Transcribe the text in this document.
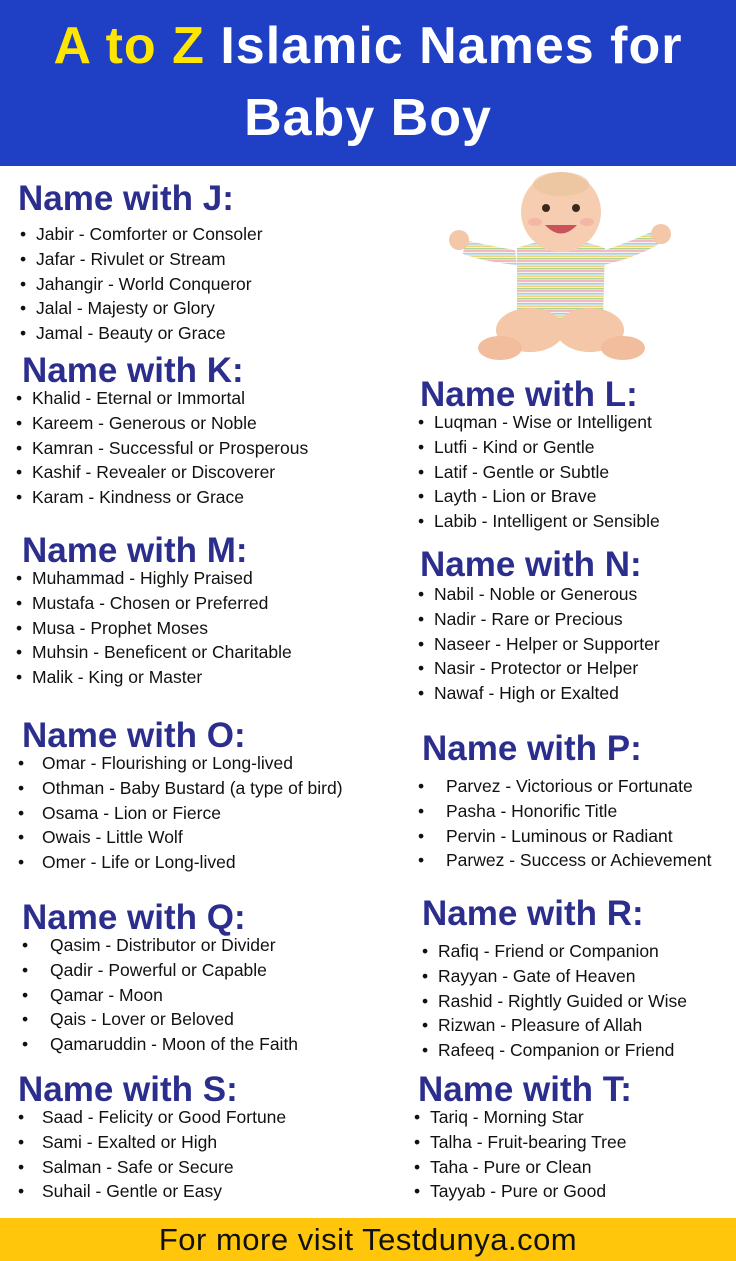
A to Z Islamic Names for
Baby Boy
Name with J:
• Jabir - Comforter or Consoler
• Jafar - Rivulet or Stream
• Jahangir - World Conqueror
• Jalal - Majesty or Glory
• Jamal - Beauty or Grace
Name with K:
• Khalid - Eternal or Immortal
• Kareem - Generous or Noble
• Kamran - Successful or Prosperous
• Kashif - Revealer or Discoverer
• Karam - Kindness or Grace
Name with M:
• Muhammad - Highly Praised
• Mustafa - Chosen or Preferred
• Musa - Prophet Moses
• Muhsin - Beneficent or Charitable
• Malik - King or Master
Name with O:
• Omar - Flourishing or Long-lived
• Othman - Baby Bustard (a type of bird)
• Osama - Lion or Fierce
• Owais - Little Wolf
• Omer - Life or Long-lived
Name with Q:
• Qasim - Distributor or Divider
• Qadir - Powerful or Capable
• Qamar - Moon
• Qais - Lover or Beloved
• Qamaruddin - Moon of the Faith
Name with S:
• Saad - Felicity or Good Fortune
• Sami - Exalted or High
• Salman - Safe or Secure
• Suhail - Gentle or Easy
Name with L:
• Luqman - Wise or Intelligent
• Lutfi - Kind or Gentle
• Latif - Gentle or Subtle
• Layth - Lion or Brave
• Labib - Intelligent or Sensible
Name with N:
• Nabil - Noble or Generous
• Nadir - Rare or Precious
• Naseer - Helper or Supporter
• Nasir - Protector or Helper
• Nawaf - High or Exalted
Name with P:
• Parvez - Victorious or Fortunate
• Pasha - Honorific Title
• Pervin - Luminous or Radiant
• Parwez - Success or Achievement
Name with R:
• Rafiq - Friend or Companion
• Rayyan - Gate of Heaven
• Rashid - Rightly Guided or Wise
• Rizwan - Pleasure of Allah
• Rafeeq - Companion or Friend
Name with T:
• Tariq - Morning Star
• Talha - Fruit-bearing Tree
• Taha - Pure or Clean
• Tayyab - Pure or Good
For more visit Testdunya.com
